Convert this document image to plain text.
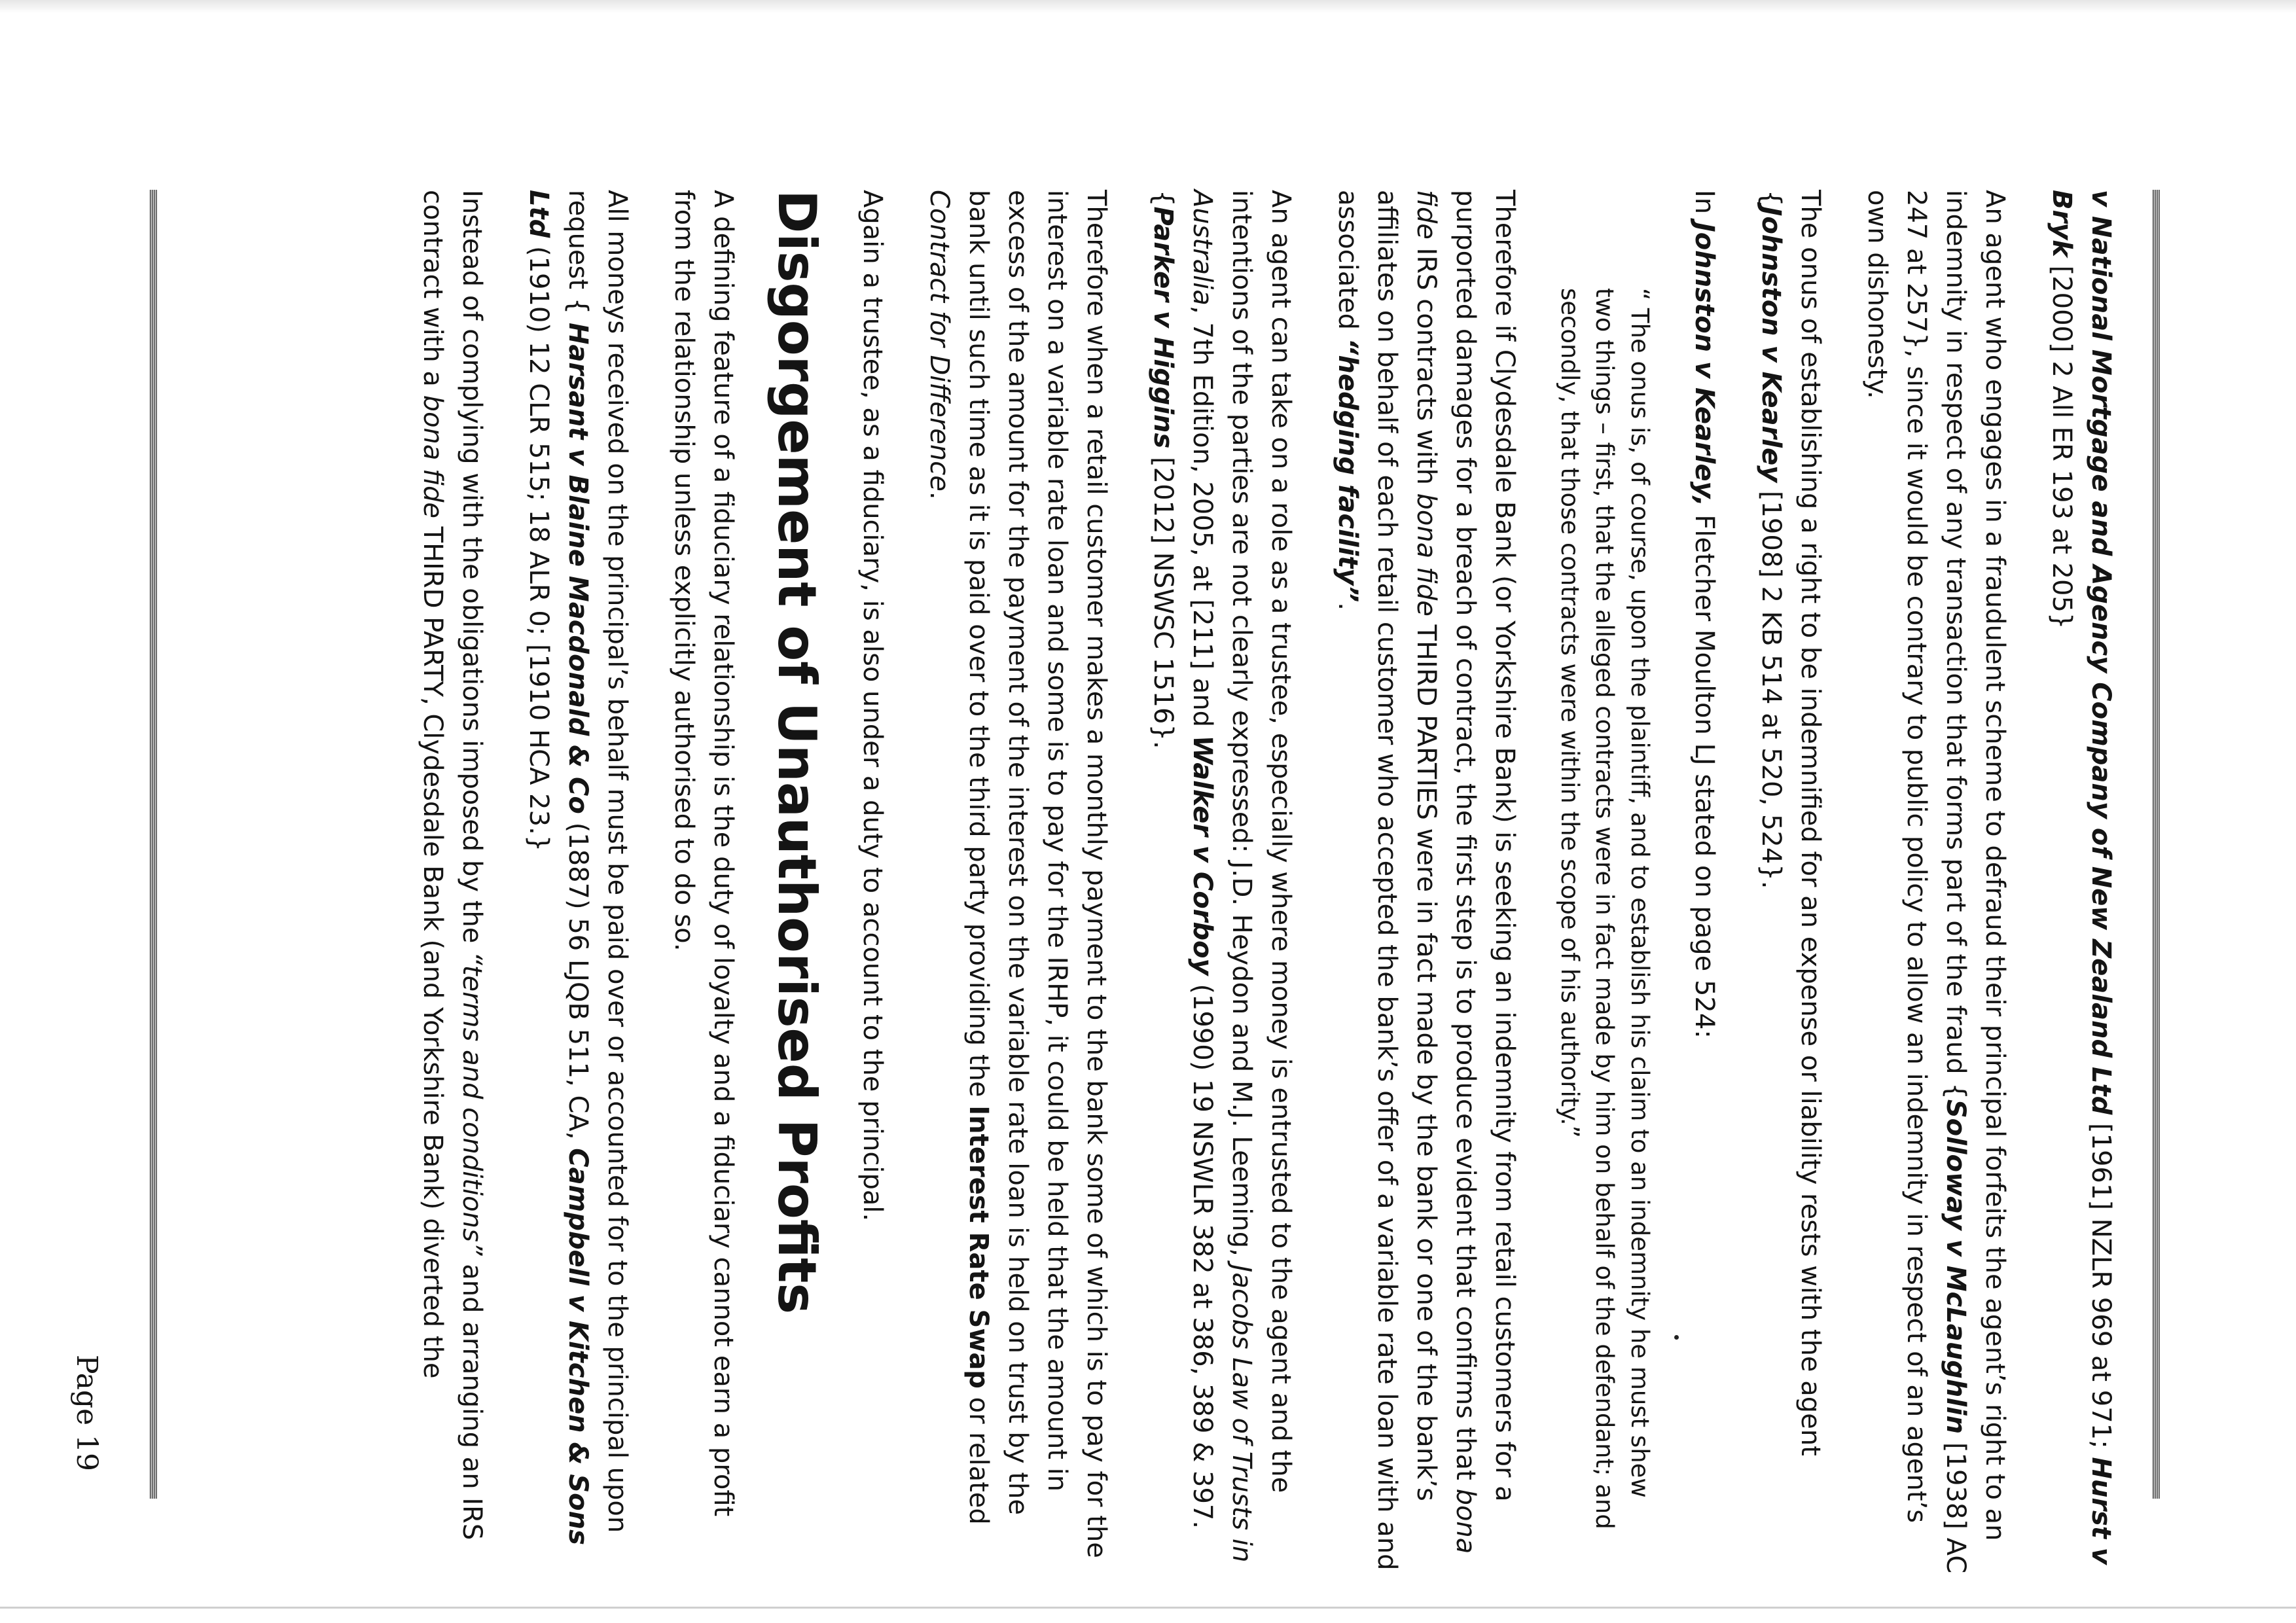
v National Mortgage and Agency Company of New Zealand Ltd [1961] NZLR 969 at 971; Hurst v Bryk [2000] 2 All ER 193 at 205}

An agent who engages in a fraudulent scheme to defraud their principal forfeits the agent’s right to an indemnity in respect of any transaction that forms part of the fraud {Solloway v McLaughlin [1938] AC 247 at 257}, since it would be contrary to public policy to allow an indemnity in respect of an agent’s own dishonesty.

The onus of establishing a right to be indemnified for an expense or liability rests with the agent {Johnston v Kearley [1908] 2 KB 514 at 520, 524}.

In Johnston v Kearley, Fletcher Moulton LJ stated on page 524:

“ The onus is, of course, upon the plaintiff, and to establish his claim to an indemnity he must shew two things – first, that the alleged contracts were in fact made by him on behalf of the defendant; and secondly, that those contracts were within the scope of his authority.”

Therefore if Clydesdale Bank (or Yorkshire Bank) is seeking an indemnity from retail customers for a purported damages for a breach of contract, the first step is to produce evident that confirms that bona fide IRS contracts with bona fide THIRD PARTIES were in fact made by the bank or one of the bank’s affiliates on behalf of each retail customer who accepted the bank’s offer of a variable rate loan with and associated “hedging facility”.

An agent can take on a role as a trustee, especially where money is entrusted to the agent and the intentions of the parties are not clearly expressed: J.D. Heydon and M.J. Leeming, Jacobs Law of Trusts in Australia, 7th Edition, 2005, at [211] and Walker v Corboy (1990) 19 NSWLR 382 at 386, 389 & 397. {Parker v Higgins [2012] NSWSC 1516}.

Therefore when a retail customer makes a monthly payment to the bank some of which is to pay for the interest on a variable rate loan and some is to pay for the IRHP, it could be held that the amount in excess of the amount for the payment of the interest on the variable rate loan is held on trust by the bank until such time as it is paid over to the third party providing the Interest Rate Swap or related Contract for Difference.

Again a trustee, as a fiduciary, is also under a duty to account to the principal.

Disgorgement of Unauthorised Profits

A defining feature of a fiduciary relationship is the duty of loyalty and a fiduciary cannot earn a profit from the relationship unless explicitly authorised to do so.

All moneys received on the principal’s behalf must be paid over or accounted for to the principal upon request { Harsant v Blaine Macdonald & Co (1887) 56 LJQB 511, CA, Campbell v Kitchen & Sons Ltd (1910) 12 CLR 515; 18 ALR 0; [1910 HCA 23.}

Instead of complying with the obligations imposed by the “terms and conditions” and arranging an IRS contract with a bona fide THIRD PARTY, Clydesdale Bank (and Yorkshire Bank) diverted the

Page 19
